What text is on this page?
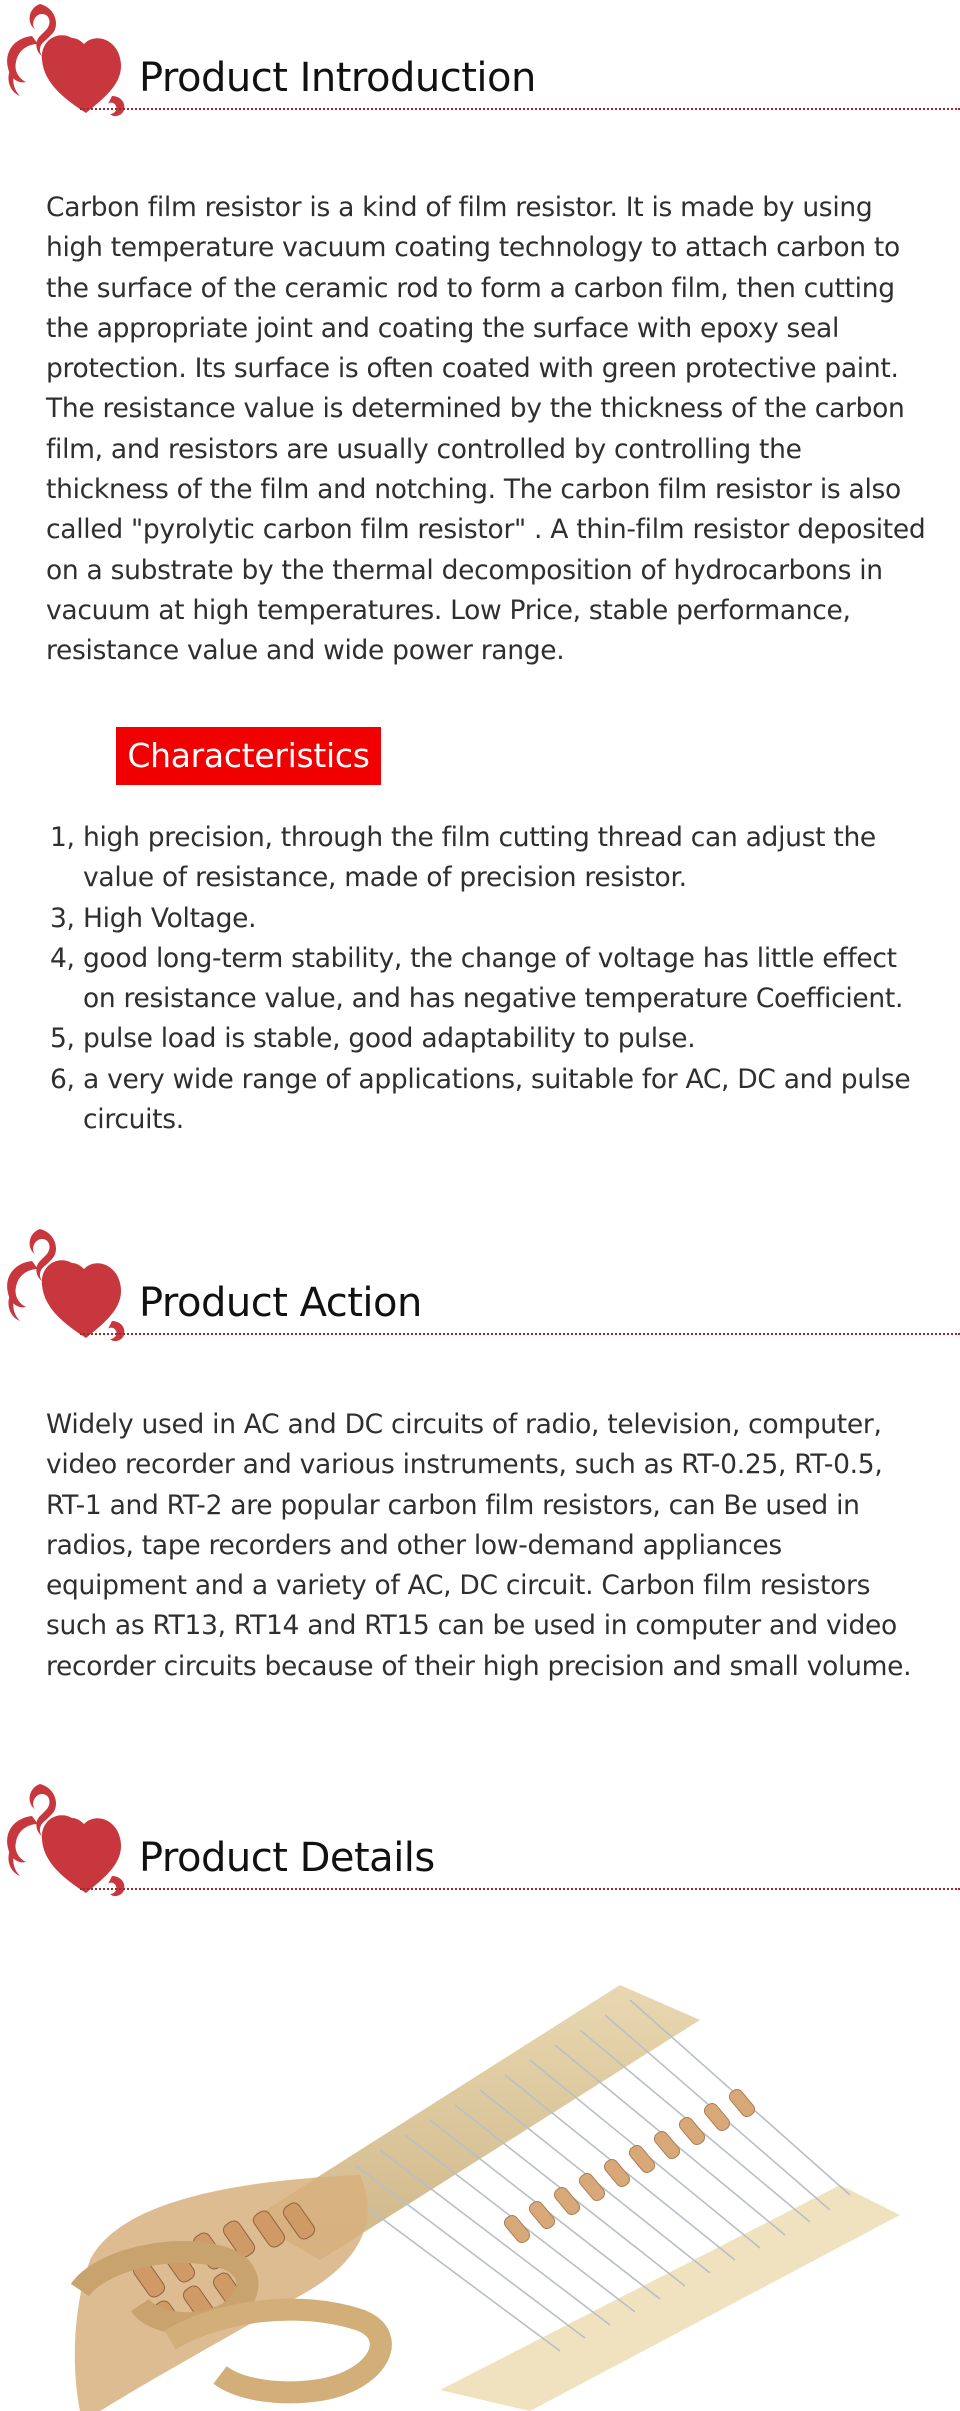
Product Introduction

Carbon film resistor is a kind of film resistor. It is made by using high temperature vacuum coating technology to attach carbon to the surface of the ceramic rod to form a carbon film, then cutting the appropriate joint and coating the surface with epoxy seal protection. Its surface is often coated with green protective paint. The resistance value is determined by the thickness of the carbon film, and resistors are usually controlled by controlling the thickness of the film and notching. The carbon film resistor is also called "pyrolytic carbon film resistor" . A thin-film resistor deposited on a substrate by the thermal decomposition of hydrocarbons in vacuum at high temperatures. Low Price, stable performance, resistance value and wide power range.

Characteristics
1, high precision, through the film cutting thread can adjust the value of resistance, made of precision resistor.
3, High Voltage.
4, good long-term stability, the change of voltage has little effect on resistance value, and has negative temperature Coefficient.
5, pulse load is stable, good adaptability to pulse.
6, a very wide range of applications, suitable for AC, DC and pulse circuits.
Product Action

Widely used in AC and DC circuits of radio, television, computer, video recorder and various instruments, such as RT-0.25, RT-0.5, RT-1 and RT-2 are popular carbon film resistors, can Be used in radios, tape recorders and other low-demand appliances equipment and a variety of AC, DC circuit. Carbon film resistors such as RT13, RT14 and RT15 can be used in computer and video recorder circuits because of their high precision and small volume.

Product Details
